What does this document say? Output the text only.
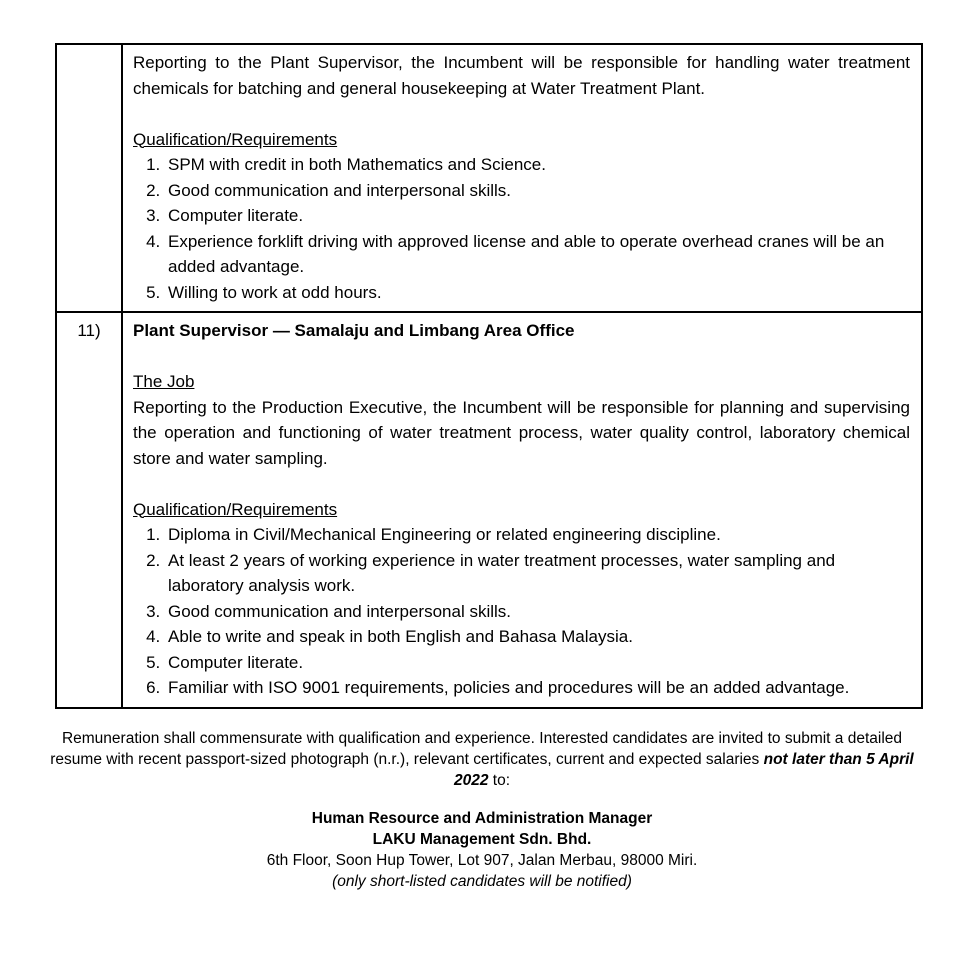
Reporting to the Plant Supervisor, the Incumbent will be responsible for handling water treatment chemicals for batching and general housekeeping at Water Treatment Plant.
Qualification/Requirements
1. SPM with credit in both Mathematics and Science.
2. Good communication and interpersonal skills.
3. Computer literate.
4. Experience forklift driving with approved license and able to operate overhead cranes will be an added advantage.
5. Willing to work at odd hours.

11)	Plant Supervisor — Samalaju and Limbang Area Office
The Job
Reporting to the Production Executive, the Incumbent will be responsible for planning and supervising the operation and functioning of water treatment process, water quality control, laboratory chemical store and water sampling.
Qualification/Requirements
1. Diploma in Civil/Mechanical Engineering or related engineering discipline.
2. At least 2 years of working experience in water treatment processes, water sampling and laboratory analysis work.
3. Good communication and interpersonal skills.
4. Able to write and speak in both English and Bahasa Malaysia.
5. Computer literate.
6. Familiar with ISO 9001 requirements, policies and procedures will be an added advantage.
Remuneration shall commensurate with qualification and experience. Interested candidates are invited to submit a detailed resume with recent passport-sized photograph (n.r.), relevant certificates, current and expected salaries not later than 5 April 2022 to:
Human Resource and Administration Manager
LAKU Management Sdn. Bhd.
6th Floor, Soon Hup Tower, Lot 907, Jalan Merbau, 98000 Miri.
(only short-listed candidates will be notified)
